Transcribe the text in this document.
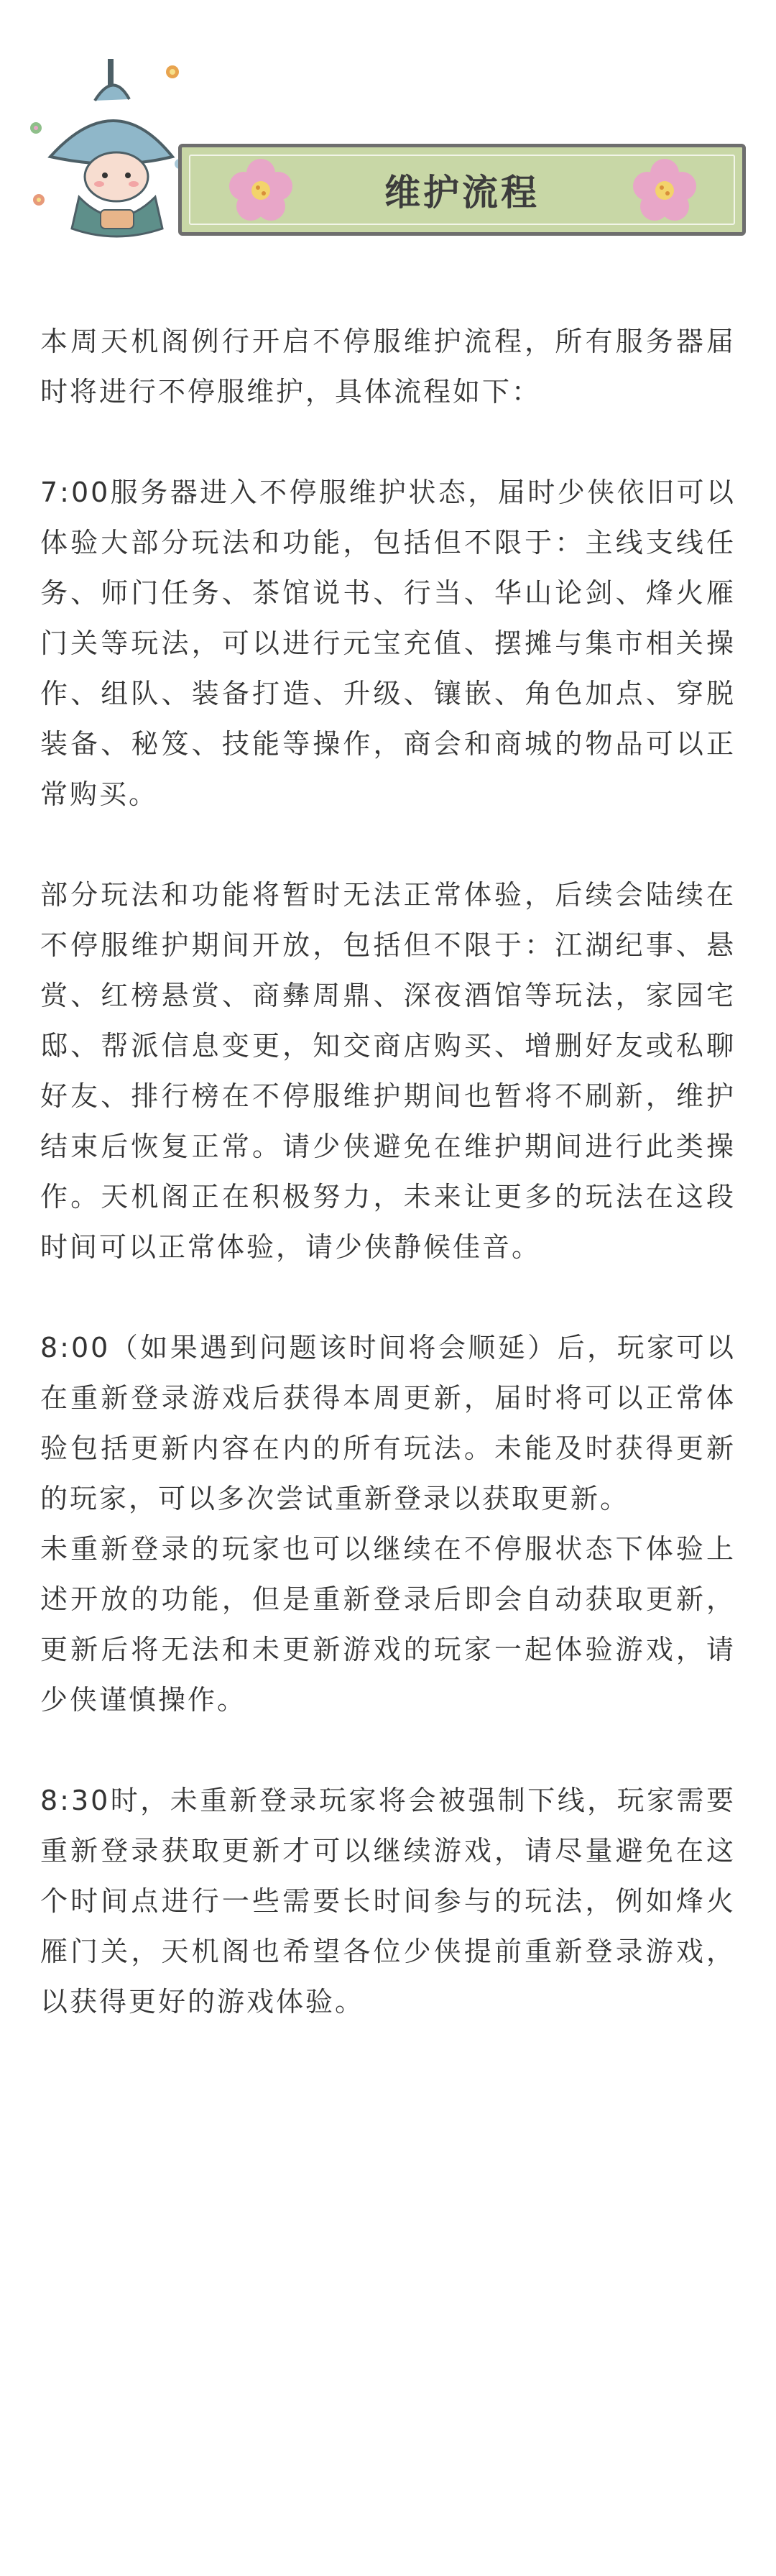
维护流程

本周天机阁例行开启不停服维护流程，所有服务器届时将进行不停服维护，具体流程如下：

7:00服务器进入不停服维护状态，届时少侠依旧可以体验大部分玩法和功能，包括但不限于：主线支线任务、师门任务、茶馆说书、行当、华山论剑、烽火雁门关等玩法，可以进行元宝充值、摆摊与集市相关操作、组队、装备打造、升级、镶嵌、角色加点、穿脱装备、秘笈、技能等操作，商会和商城的物品可以正常购买。

部分玩法和功能将暂时无法正常体验，后续会陆续在不停服维护期间开放，包括但不限于：江湖纪事、悬赏、红榜悬赏、商彝周鼎、深夜酒馆等玩法，家园宅邸、帮派信息变更，知交商店购买、增删好友或私聊好友、排行榜在不停服维护期间也暂将不刷新，维护结束后恢复正常。请少侠避免在维护期间进行此类操作。天机阁正在积极努力，未来让更多的玩法在这段时间可以正常体验，请少侠静候佳音。

8:00（如果遇到问题该时间将会顺延）后，玩家可以在重新登录游戏后获得本周更新，届时将可以正常体验包括更新内容在内的所有玩法。未能及时获得更新的玩家，可以多次尝试重新登录以获取更新。

未重新登录的玩家也可以继续在不停服状态下体验上述开放的功能，但是重新登录后即会自动获取更新，更新后将无法和未更新游戏的玩家一起体验游戏，请少侠谨慎操作。

8:30时，未重新登录玩家将会被强制下线，玩家需要重新登录获取更新才可以继续游戏，请尽量避免在这个时间点进行一些需要长时间参与的玩法，例如烽火雁门关，天机阁也希望各位少侠提前重新登录游戏，以获得更好的游戏体验。
